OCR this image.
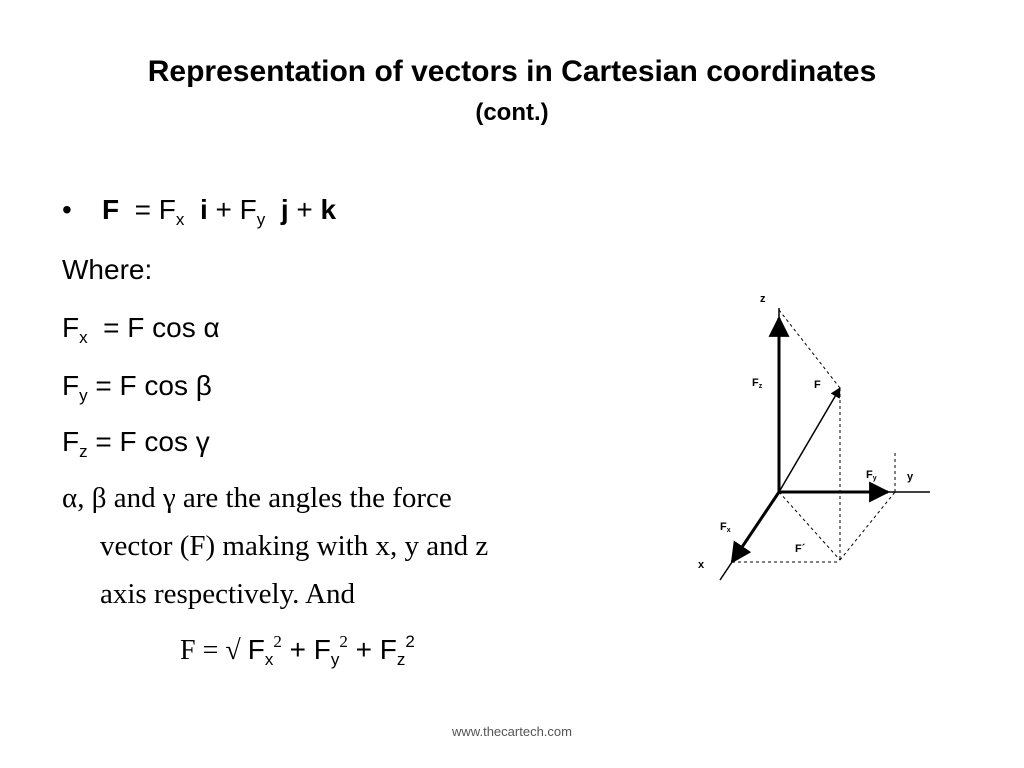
Representation of vectors in Cartesian coordinates
(cont.)
• $F = F_x$ $i + F_y$ j + k
Where:
$F_x = F$ cos α
$F_y = F$ cos β
$F_z = F$ cos γ
α, β and γ are the angles the force
vector (F) making with x, y and z
axis respectively. And
F = √ $F_x^2 + F_y^2 + F_z^2$
z
y
x
F
Fz
Fy
Fx
F´
www.thecartech.com
